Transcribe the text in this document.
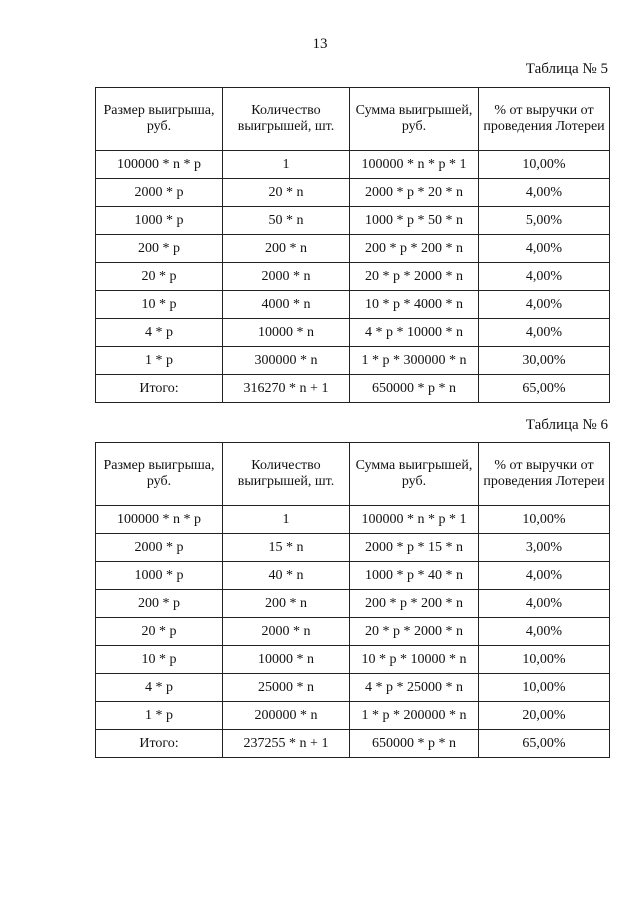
13
Таблица № 5
Размер выигрыша, руб.	Количество выигрышей, шт.	Сумма выигрышей, руб.	% от выручки от проведения Лотереи
100000 * n * p	1	100000 * n * p * 1	10,00%
2000 * p	20 * n	2000 * p * 20 * n	4,00%
1000 * p	50 * n	1000 * p * 50 * n	5,00%
200 * p	200 * n	200 * p * 200 * n	4,00%
20 * p	2000 * n	20 * p * 2000 * n	4,00%
10 * p	4000 * n	10 * p * 4000 * n	4,00%
4 * p	10000 * n	4 * p * 10000 * n	4,00%
1 * p	300000 * n	1 * p * 300000 * n	30,00%
Итого:	316270 * n + 1	650000 * p * n	65,00%
Таблица № 6
Размер выигрыша, руб.	Количество выигрышей, шт.	Сумма выигрышей, руб.	% от выручки от проведения Лотереи
100000 * n * p	1	100000 * n * p * 1	10,00%
2000 * p	15 * n	2000 * p * 15 * n	3,00%
1000 * p	40 * n	1000 * p * 40 * n	4,00%
200 * p	200 * n	200 * p * 200 * n	4,00%
20 * p	2000 * n	20 * p * 2000 * n	4,00%
10 * p	10000 * n	10 * p * 10000 * n	10,00%
4 * p	25000 * n	4 * p * 25000 * n	10,00%
1 * p	200000 * n	1 * p * 200000 * n	20,00%
Итого:	237255 * n + 1	650000 * p * n	65,00%
